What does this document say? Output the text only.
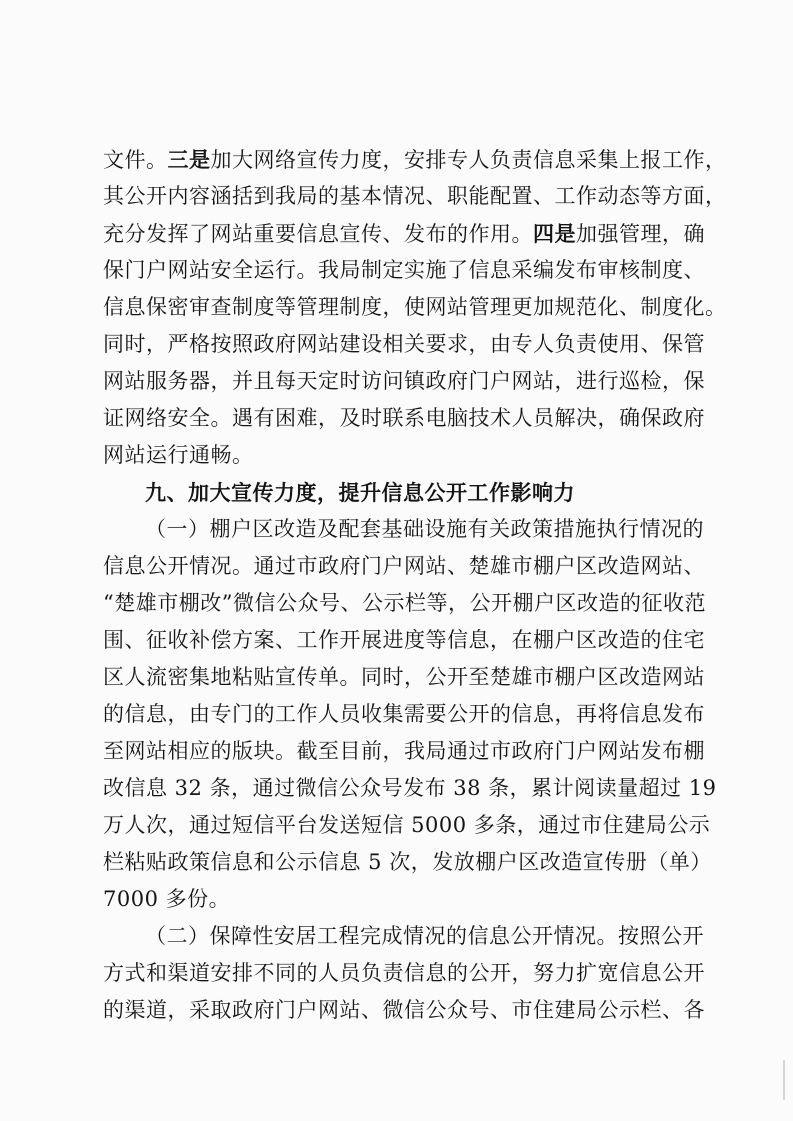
文件。三是加大网络宣传力度，安排专人负责信息采集上报工作，
其公开内容涵括到我局的基本情况、职能配置、工作动态等方面，
充分发挥了网站重要信息宣传、发布的作用。四是加强管理，确
保门户网站安全运行。我局制定实施了信息采编发布审核制度、
信息保密审查制度等管理制度，使网站管理更加规范化、制度化。
同时，严格按照政府网站建设相关要求，由专人负责使用、保管
网站服务器，并且每天定时访问镇政府门户网站，进行巡检，保
证网络安全。遇有困难，及时联系电脑技术人员解决，确保政府
网站运行通畅。
九、加大宣传力度，提升信息公开工作影响力
（一）棚户区改造及配套基础设施有关政策措施执行情况的
信息公开情况。通过市政府门户网站、楚雄市棚户区改造网站、
“楚雄市棚改”微信公众号、公示栏等，公开棚户区改造的征收范
围、征收补偿方案、工作开展进度等信息，在棚户区改造的住宅
区人流密集地粘贴宣传单。同时，公开至楚雄市棚户区改造网站
的信息，由专门的工作人员收集需要公开的信息，再将信息发布
至网站相应的版块。截至目前，我局通过市政府门户网站发布棚
改信息 32 条，通过微信公众号发布 38 条，累计阅读量超过 19
万人次，通过短信平台发送短信 5000 多条，通过市住建局公示
栏粘贴政策信息和公示信息 5 次，发放棚户区改造宣传册（单）
7000 多份。
（二）保障性安居工程完成情况的信息公开情况。按照公开
方式和渠道安排不同的人员负责信息的公开，努力扩宽信息公开
的渠道，采取政府门户网站、微信公众号、市住建局公示栏、各
